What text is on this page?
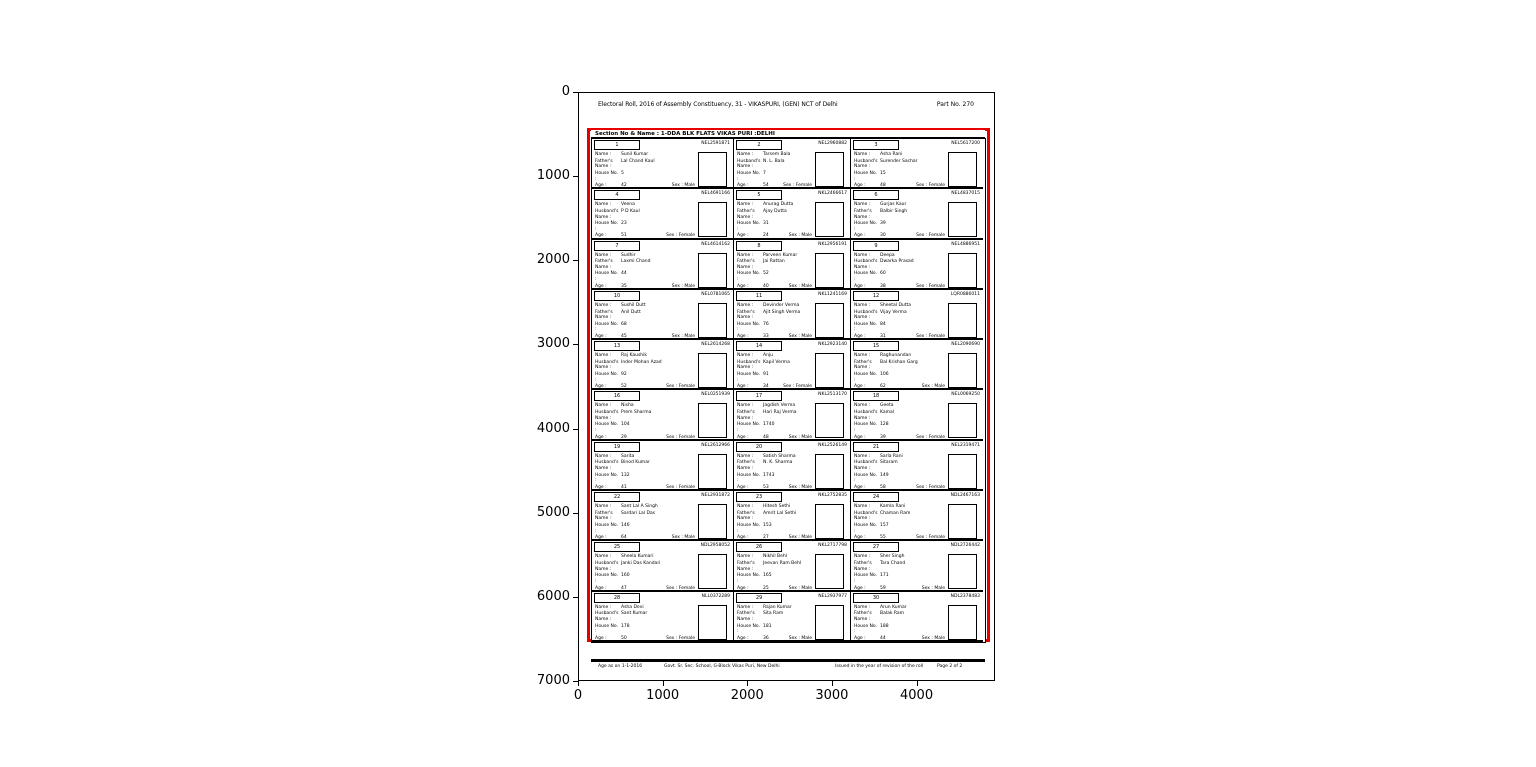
0
1000
2000
3000
4000
5000
6000
7000
0	1000	2000	3000	4000
Electoral Roll, 2016 of Assembly Constituency, 31 - VIKASPURI, (GEN) NCT of Delhi	Part No. 270
Section No & Name : 1-DDA BLK FLATS VIKAS PURI :DELHI
1	NEL2591871
Name :	Sunil Kumar
Father's Name :
Lal Chand Kaul
House No. :
5
Age :	42	Sex : Male
2	NEL2960882
Name :	Tarsem Bala
Husband's Name :
N. L. Bala
House No. :
7
Age :	54	Sex : Female
3	NEL5617200
Name :	Asha Rani
Husband's Name :
Surender Sachar
House No. :
15
Age :	48	Sex : Female
4	NEL4691166
Name :	Veena
Husband's Name :
P D Kaul
House No. :
23
Age :	51	Sex : Female
5	NKL2466617
Name :	Anurag Dutta
Father's Name :
Ajay Dutta
House No. :
31
Age :	24	Sex : Male
6	NEL4837015
Name :	Gurjas Kaur
Father's Name :
Balbir Singh
House No. :
39
Age :	30	Sex : Female
7	NEL4614162
Name :	Sudhir
Father's Name :
Laxmi Chand
House No. :
44
Age :	35	Sex : Male
8	NKL2956191
Name :	Parveen Kumar
Father's Name :
Jai Rattan
House No. :
52
Age :	40	Sex : Male
9	NEL4886951
Name :	Deepa
Husband's Name :
Dwarka Prasad
House No. :
60
Age :	38	Sex : Female
10	NEL0781065
Name :	Sushil Dutt
Father's Name :
Anil Dutt
House No. :
68
Age :	45	Sex : Male
11	NKL1241169
Name :	Devinder Verma
Father's Name :
Ajit Singh Verma
House No. :
76
Age :	33	Sex : Male
12	LQR0886011
Name :	Sheetal Dutta
Husband's Name :
Vijay Verma
House No. :
84
Age :	31	Sex : Female
13	NEL2614268
Name :	Raj Kaushik
Husband's Name :
Inder Mohan Azad
House No. :
92
Age :	52	Sex : Female
14	NKL2923140
Name :	Anju
Husband's Name :
Kapil Verma
House No. :
91
Age :	34	Sex : Female
15	NEL2090690
Name :	Raghunandan
Father's Name :
Bal Krishan Garg
House No. :
106
Age :	62	Sex : Male
16	NEL0251939
Name :	Nisha
Husband's Name :
Prem Sharma
House No. :
104
Age :	29	Sex : Female
17	NKL2513170
Name :	Jagdish Verma
Father's Name :
Hari Raj Verma
House No. :
1740
Age :	48	Sex : Male
18	NEL0069250
Name :	Geeta
Husband's Name :
Kamal
House No. :
128
Age :	39	Sex : Female
19	NEL2612966
Name :	Sarita
Husband's Name :
Binod Kumar
House No. :
132
Age :	41	Sex : Female
20	NKL2526149
Name :	Satish Sharma
Father's Name :
N. K. Sharma
House No. :
1743
Age :	53	Sex : Male
21	NEL2319471
Name :	Sarla Rani
Husband's Name :
Sitaram
House No. :
149
Age :	58	Sex : Female
22	NEL2931872
Name :	Sant Lal A Singh
Father's Name :
Sardari Lal Das
House No. :
146
Age :	64	Sex : Male
23	NKL2752835
Name :	Hitesh Sethi
Father's Name :
Amrit Lal Sethi
House No. :
153
Age :	27	Sex : Male
24	NDL2467163
Name :	Kamla Rani
Husband's Name :
Chaman Ram
House No. :
157
Age :	55	Sex : Female
25	NDL2958052
Name :	Sheela Kumari
Husband's Name :
Janki Das Kandari
House No. :
160
Age :	47	Sex : Female
26	NKL2717798
Name :	Nikhil Behl
Father's Name :
Jeevan Ram Behl
House No. :
165
Age :	25	Sex : Male
27	NDL2726442
Name :	Sher Singh
Father's Name :
Tara Chand
House No. :
171
Age :	59	Sex : Male
28	NLL0372289
Name :	Asha Devi
Husband's Name :
Sant Kumar
House No. :
178
Age :	50	Sex : Female
29	NEL2937977
Name :	Rajan Kumar
Father's Name :
Sita Ram
House No. :
181
Age :	36	Sex : Male
30	NDL2378483
Name :	Arun Kumar
Father's Name :
Balak Ram
House No. :
188
Age :	44	Sex : Male
Age as on 1-1-2016	Govt. Sr. Sec. School, G-Block Vikas Puri, New Delhi	Issued in the year of revision of the roll	Page 2 of 2
